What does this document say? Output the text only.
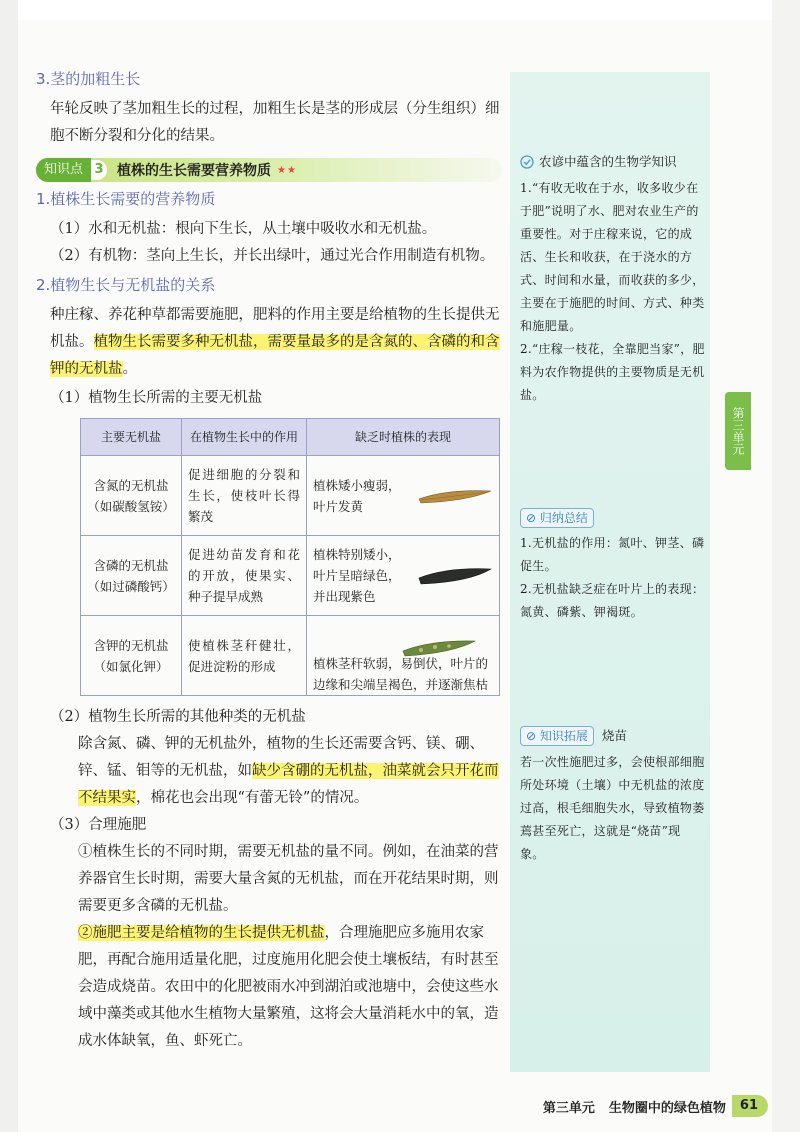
3.茎的加粗生长

年轮反映了茎加粗生长的过程，加粗生长是茎的形成层（分生组织）细胞不断分裂和分化的结果。

知识点 3 植株的生长需要营养物质 ★★
1.植株生长需要的营养物质

（1）水和无机盐：根向下生长，从土壤中吸收水和无机盐。

（2）有机物：茎向上生长，并长出绿叶，通过光合作用制造有机物。

2.植物生长与无机盐的关系

种庄稼、养花种草都需要施肥，肥料的作用主要是给植物的生长提供无机盐。植物生长需要多种无机盐，需要量最多的是含氮的、含磷的和含钾的无机盐。

（1）植物生长所需的主要无机盐

主要无机盐	在植物生长中的作用	缺乏时植株的表现

含氮的无机盐
（如碳酸氢铵）	促进细胞的分裂和生长，使枝叶长得繁茂	植株矮小瘦弱，叶片发黄

含磷的无机盐
（如过磷酸钙）	促进幼苗发育和花的开放，使果实、种子提早成熟	植株特别矮小，叶片呈暗绿色，并出现紫色

含钾的无机盐
（如氯化钾）	使植株茎秆健壮，促进淀粉的形成	植株茎秆软弱，易倒伏，叶片的边缘和尖端呈褐色，并逐渐焦枯

（2）植物生长所需的其他种类的无机盐

除含氮、磷、钾的无机盐外，植物的生长还需要含钙、镁、硼、锌、锰、钼等的无机盐，如缺少含硼的无机盐，油菜就会只开花而不结果实，棉花也会出现“有蕾无铃”的情况。

（3）合理施肥

①植株生长的不同时期，需要无机盐的量不同。例如，在油菜的营养器官生长时期，需要大量含氮的无机盐，而在开花结果时期，则需要更多含磷的无机盐。

②施肥主要是给植物的生长提供无机盐，合理施肥应多施用农家肥，再配合施用适量化肥，过度施用化肥会使土壤板结，有时甚至会造成烧苗。农田中的化肥被雨水冲到湖泊或池塘中，会使这些水域中藻类或其他水生植物大量繁殖，这将会大量消耗水中的氧，造成水体缺氧，鱼、虾死亡。

农谚中蕴含的生物学知识

1.“有收无收在于水，收多收少在于肥”说明了水、肥对农业生产的重要性。对于庄稼来说，它的成活、生长和收获，在于浇水的方式、时间和水量，而收获的多少，主要在于施肥的时间、方式、种类和施肥量。

2.“庄稼一枝花，全靠肥当家”，肥料为农作物提供的主要物质是无机盐。

⊘ 归纳总结

1.无机盐的作用：氮叶、钾茎、磷促生。

2.无机盐缺乏症在叶片上的表现：氮黄、磷紫、钾褐斑。

⊘ 知识拓展	烧苗

若一次性施肥过多，会使根部细胞所处环境（土壤）中无机盐的浓度过高，根毛细胞失水，导致植物萎蔫甚至死亡，这就是“烧苗”现象。

第三单元
第三单元 生物圈中的绿色植物	61
